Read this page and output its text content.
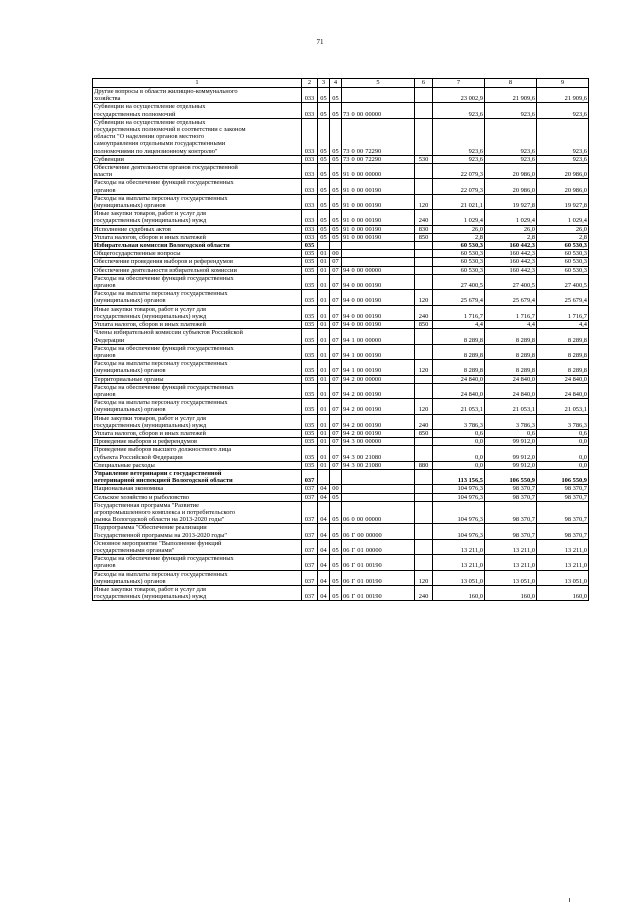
71
1	2	3	4	5	6	7	8	9
Другие вопросы в области жилищно-коммунального
хозяйства	033	05	05			23 002,9	21 909,6	21 909,6
Субвенции на осуществление отдельных
государственных полномочий	033	05	05	73 0 00 00000		923,6	923,6	923,6
Субвенции на осуществление отдельных
государственных полномочий в соответствии с законом
области "О наделении органов местного
самоуправления отдельными государственными
полномочиями по лицензионному контролю"	033	05	05	73 0 00 72290		923,6	923,6	923,6
Субвенции	033	05	05	73 0 00 72290	530	923,6	923,6	923,6
Обеспечение деятельности органов государственной
власти	033	05	05	91 0 00 00000		22 079,3	20 986,0	20 986,0
Расходы на обеспечение функций государственных
органов	033	05	05	91 0 00 00190		22 079,3	20 986,0	20 986,0
Расходы на выплаты персоналу государственных
(муниципальных) органов	033	05	05	91 0 00 00190	120	21 021,1	19 927,8	19 927,8
Иные закупки товаров, работ и услуг для
государственных (муниципальных) нужд	033	05	05	91 0 00 00190	240	1 029,4	1 029,4	1 029,4
Исполнение судебных актов	033	05	05	91 0 00 00190	830	26,0	26,0	26,0
Уплата налогов, сборов и иных платежей	033	05	05	91 0 00 00190	850	2,8	2,8	2,8
Избирательная комиссия Вологодской области	035					60 530,3	160 442,3	60 530,3
Общегосударственные вопросы	035	01	00			60 530,3	160 442,3	60 530,3
Обеспечение проведения выборов и референдумов	035	01	07			60 530,3	160 442,3	60 530,3
Обеспечение деятельности избирательной комиссии	035	01	07	94 0 00 00000		60 530,3	160 442,3	60 530,3
Расходы на обеспечение функций государственных
органов	035	01	07	94 0 00 00190		27 400,5	27 400,5	27 400,5
Расходы на выплаты персоналу государственных
(муниципальных) органов	035	01	07	94 0 00 00190	120	25 679,4	25 679,4	25 679,4
Иные закупки товаров, работ и услуг для
государственных (муниципальных) нужд	035	01	07	94 0 00 00190	240	1 716,7	1 716,7	1 716,7
Уплата налогов, сборов и иных платежей	035	01	07	94 0 00 00190	850	4,4	4,4	4,4
Члены избирательной комиссии субъектов Российской
Федерации	035	01	07	94 1 00 00000		8 289,8	8 289,8	8 289,8
Расходы на обеспечение функций государственных
органов	035	01	07	94 1 00 00190		8 289,8	8 289,8	8 289,8
Расходы на выплаты персоналу государственных
(муниципальных) органов	035	01	07	94 1 00 00190	120	8 289,8	8 289,8	8 289,8
Территориальные органы	035	01	07	94 2 00 00000		24 840,0	24 840,0	24 840,0
Расходы на обеспечение функций государственных
органов	035	01	07	94 2 00 00190		24 840,0	24 840,0	24 840,0
Расходы на выплаты персоналу государственных
(муниципальных) органов	035	01	07	94 2 00 00190	120	21 053,1	21 053,1	21 053,1
Иные закупки товаров, работ и услуг для
государственных (муниципальных) нужд	035	01	07	94 2 00 00190	240	3 786,3	3 786,3	3 786,3
Уплата налогов, сборов и иных платежей	035	01	07	94 2 00 00190	850	0,6	0,6	0,6
Проведение выборов и референдумов	035	01	07	94 3 00 00000		0,0	99 912,0	0,0
Проведение выборов высшего должностного лица
субъекта Российской Федерации	035	01	07	94 3 00 21080		0,0	99 912,0	0,0
Специальные расходы	035	01	07	94 3 00 21080	880	0,0	99 912,0	0,0
Управление ветеринарии с государственной
ветеринарной инспекцией Вологодской области	037					113 156,5	106 550,9	106 550,9
Национальная экономика	037	04	00			104 976,3	98 370,7	98 370,7
Сельское хозяйство и рыболовство	037	04	05			104 976,3	98 370,7	98 370,7
Государственная программа "Развитие
агропромышленного комплекса и потребительского
рынка Вологодской области на 2013-2020 годы"	037	04	05	06 0 00 00000		104 976,3	98 370,7	98 370,7
Подпрограмма "Обеспечение реализации
Государственной программы на 2013-2020 годы"	037	04	05	06 Г 00 00000		104 976,3	98 370,7	98 370,7
Основное мероприятие "Выполнение функций
государственными органами"	037	04	05	06 Г 01 00000		13 211,0	13 211,0	13 211,0
Расходы на обеспечение функций государственных
органов	037	04	05	06 Г 01 00190		13 211,0	13 211,0	13 211,0
Расходы на выплаты персоналу государственных
(муниципальных) органов	037	04	05	06 Г 01 00190	120	13 051,0	13 051,0	13 051,0
Иные закупки товаров, работ и услуг для
государственных (муниципальных) нужд	037	04	05	06 Г 01 00190	240	160,0	160,0	160,0
